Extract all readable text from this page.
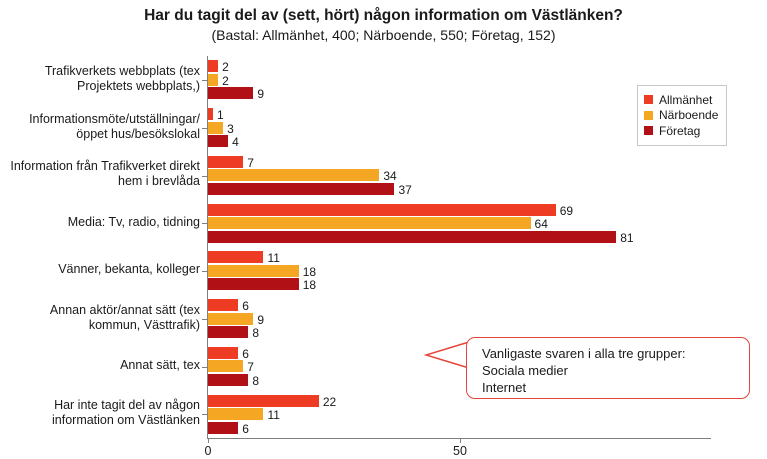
Har du tagit del av (sett, hört) någon information om Västlänken?
(Bastal: Allmänhet, 400; Närboende, 550; Företag, 152)
0	50
Trafikverkets webbplats (tex Projektets webbplats,)
2
2
9
Informationsmöte/utställningar/ öppet hus/besökslokal
1
3
4
Information från Trafikverket direkt hem i brevlåda
7
34
37
Media: Tv, radio, tidning
69
64
81
Vänner, bekanta, kolleger
11
18
18
Annan aktör/annat sätt (tex kommun, Västtrafik)
6
9
8
Annat sätt, tex
6
7
8
Har inte tagit del av någon information om Västlänken
22
11
6
Allmänhet
Närboende
Företag
Vanligaste svaren i alla tre grupper:
Sociala medier
Internet
